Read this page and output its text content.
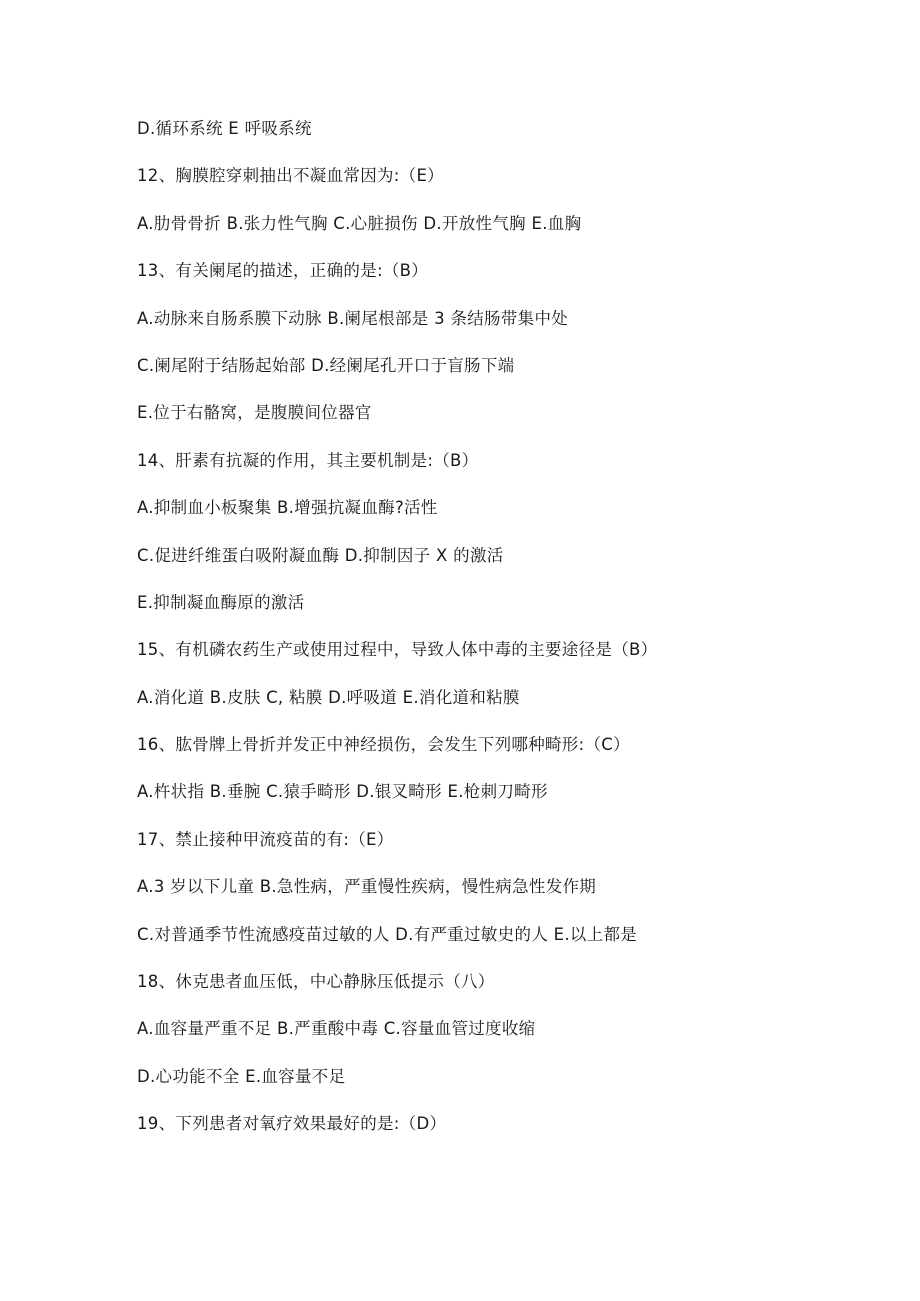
D.循环系统 E 呼吸系统
12、胸膜腔穿刺抽出不凝血常因为:（E）
A.肋骨骨折 B.张力性气胸 C.心脏损伤 D.开放性气胸 E.血胸
13、有关阑尾的描述，正确的是:（B）
A.动脉来自肠系膜下动脉 B.阑尾根部是 3 条结肠带集中处
C.阑尾附于结肠起始部 D.经阑尾孔开口于盲肠下端
E.位于右骼窝，是腹膜间位器官
14、肝素有抗凝的作用，其主要机制是:（B）
A.抑制血小板聚集 B.增强抗凝血酶?活性
C.促进纤维蛋白吸附凝血酶 D.抑制因子 X 的激活
E.抑制凝血酶原的激活
15、有机磷农药生产或使用过程中，导致人体中毒的主要途径是（B）
A.消化道 B.皮肤 C, 粘膜 D.呼吸道 E.消化道和粘膜
16、肱骨牌上骨折并发正中神经损伤，会发生下列哪种畸形:（C）
A.杵状指 B.垂腕 C.猿手畸形 D.银叉畸形 E.枪刺刀畸形
17、禁止接种甲流疫苗的有:（E）
A.3 岁以下儿童 B.急性病，严重慢性疾病，慢性病急性发作期
C.对普通季节性流感疫苗过敏的人 D.有严重过敏史的人 E.以上都是
18、休克患者血压低，中心静脉压低提示（八）
A.血容量严重不足 B.严重酸中毒 C.容量血管过度收缩
D.心功能不全 E.血容量不足
19、下列患者对氧疗效果最好的是:（D）
